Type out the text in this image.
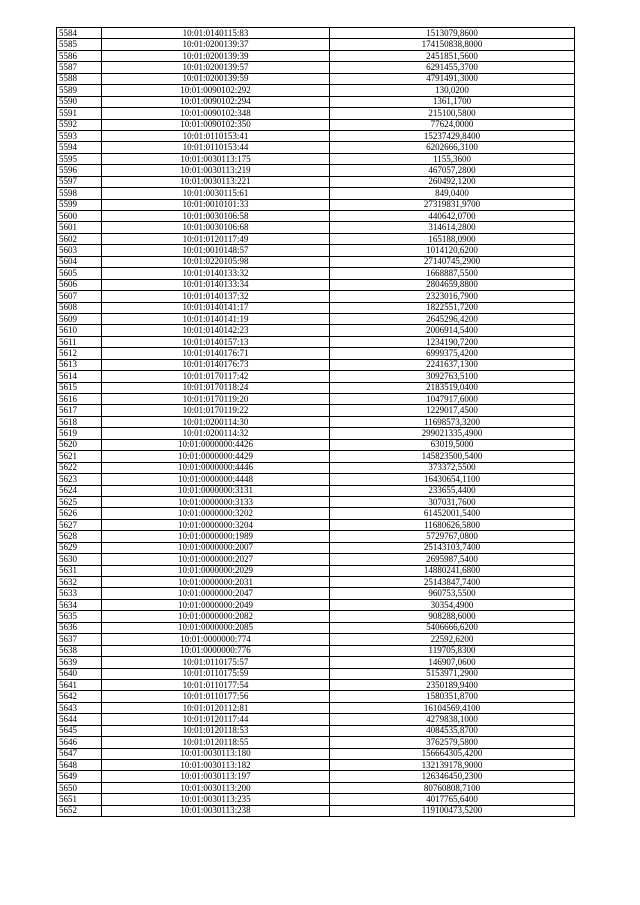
5584	10:01:0140115:83	1513079,8600
5585	10:01:0200139:37	174150838,8000
5586	10:01:0200139:39	2451851,5600
5587	10:01:0200139:57	6291455,3700
5588	10:01:0200139:59	4791491,3000
5589	10:01:0090102:292	130,0200
5590	10:01:0090102:294	1361,1700
5591	10:01:0090102:348	215100,5800
5592	10:01:0090102:350	77624,0000
5593	10:01:0110153:41	15237429,8400
5594	10:01:0110153:44	6202666,3100
5595	10:01:0030113:175	1155,3600
5596	10:01:0030113:219	467057,2800
5597	10:01:0030113:221	260492,1200
5598	10:01:0030115:61	849,0400
5599	10:01:0010101:33	27319831,9700
5600	10:01:0030106:58	440642,0700
5601	10:01:0030106:68	314614,2800
5602	10:01:0120117:49	165188,0900
5603	10:01:0010148:57	1014120,6200
5604	10:01:0220105:98	27140745,2900
5605	10:01:0140133:32	1668887,5500
5606	10:01:0140133:34	2804659,8800
5607	10:01:0140137:32	2323016,7900
5608	10:01:0140141:17	1822551,7200
5609	10:01:0140141:19	2645296,4200
5610	10:01:0140142:23	2006914,5400
5611	10:01:0140157:13	1234190,7200
5612	10:01:0140176:71	6999375,4200
5613	10:01:0140176:73	2241637,1300
5614	10:01:0170117:42	3092763,5100
5615	10:01:0170118:24	2183519,0400
5616	10:01:0170119:20	1047917,6000
5617	10:01:0170119:22	1229017,4500
5618	10:01:0200114:30	11698573,3200
5619	10:01:0200114:32	299021335,4900
5620	10:01:0000000:4426	63019,5000
5621	10:01:0000000:4429	145823500,5400
5622	10:01:0000000:4446	373372,5500
5623	10:01:0000000:4448	16430654,1100
5624	10:01:0000000:3131	233655,4400
5625	10:01:0000000:3133	307031,7600
5626	10:01:0000000:3202	61452001,5400
5627	10:01:0000000:3204	11680626,5800
5628	10:01:0000000:1989	5729767,0800
5629	10:01:0000000:2007	25143103,7400
5630	10:01:0000000:2027	2695987,5400
5631	10:01:0000000:2029	14880241,6800
5632	10:01:0000000:2031	25143847,7400
5633	10:01:0000000:2047	960753,5500
5634	10:01:0000000:2049	30354,4900
5635	10:01:0000000:2082	908288,6000
5636	10:01:0000000:2085	5406666,6200
5637	10:01:0000000:774	22592,6200
5638	10:01:0000000:776	119705,8300
5639	10:01:0110175:57	146907,0600
5640	10:01:0110175:59	5153971,2900
5641	10:01:0110177:54	2350189,9400
5642	10:01:0110177:56	1580351,8700
5643	10:01:0120112:81	16104569,4100
5644	10:01:0120117:44	4279838,1000
5645	10:01:0120118:53	4084535,8700
5646	10:01:0120118:55	3762579,5800
5647	10:01:0030113:180	156664305,4200
5648	10:01:0030113:182	132139178,9000
5649	10:01:0030113:197	126346450,2300
5650	10:01:0030113:200	80760808,7100
5651	10:01:0030113:235	4017765,6400
5652	10:01:0030113:238	119100473,5200
